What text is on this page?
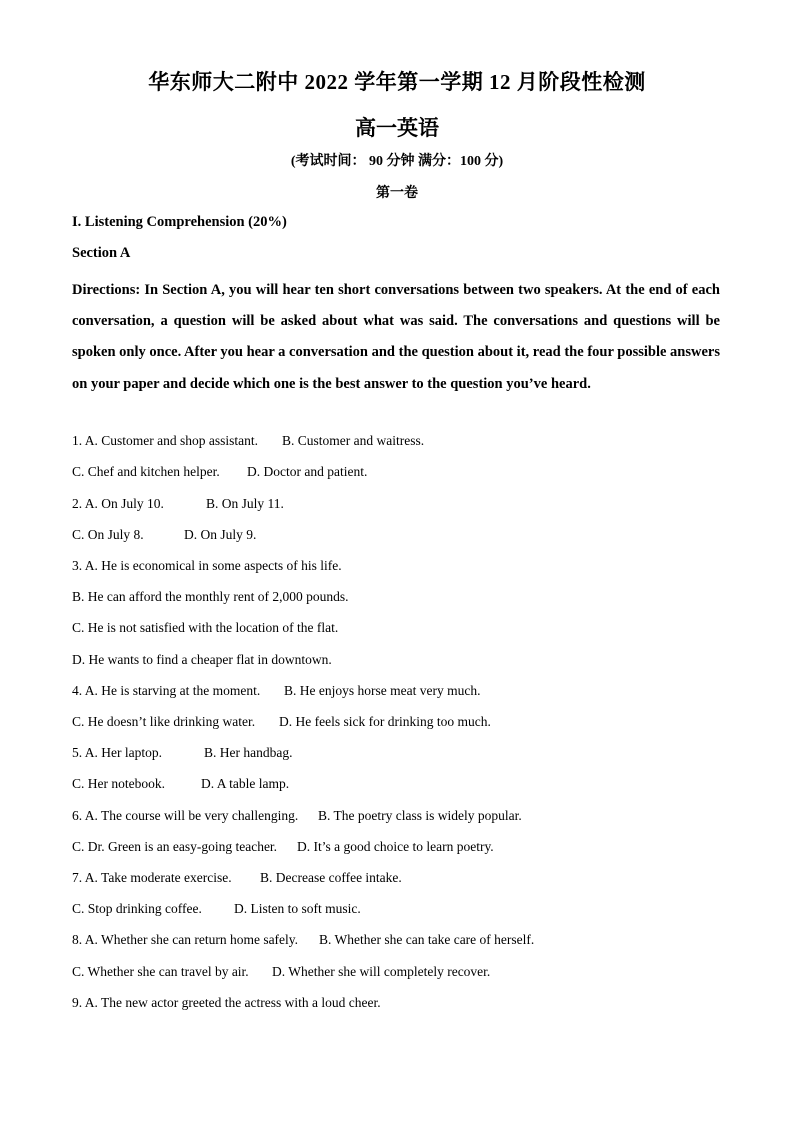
华东师大二附中 2022 学年第一学期 12 月阶段性检测
高一英语
(考试时间： 90 分钟 满分：100 分)
第一卷
I. Listening Comprehension (20%)
Section A
Directions: In Section A, you will hear ten short conversations between two speakers. At the end of each conversation, a question will be asked about what was said. The conversations and questions will be spoken only once. After you hear a conversation and the question about it, read the four possible answers on your paper and decide which one is the best answer to the question you’ve heard.
1. A. Customer and shop assistant. B. Customer and waitress.
C. Chef and kitchen helper. D. Doctor and patient.
2. A. On July 10.	B. On July 11.
C. On July 8.	D. On July 9.
3. A. He is economical in some aspects of his life.
B. He can afford the monthly rent of 2,000 pounds.
C. He is not satisfied with the location of the flat.
D. He wants to find a cheaper flat in downtown.
4. A. He is starving at the moment. B. He enjoys horse meat very much.
C. He doesn’t like drinking water. D. He feels sick for drinking too much.
5. A. Her laptop.	B. Her handbag.
C. Her notebook.	D. A table lamp.
6. A. The course will be very challenging. B. The poetry class is widely popular.
C. Dr. Green is an easy-going teacher. D. It’s a good choice to learn poetry.
7. A. Take moderate exercise. B. Decrease coffee intake.
C. Stop drinking coffee. D. Listen to soft music.
8. A. Whether she can return home safely. B. Whether she can take care of herself.
C. Whether she can travel by air. D. Whether she will completely recover.
9. A. The new actor greeted the actress with a loud cheer.
